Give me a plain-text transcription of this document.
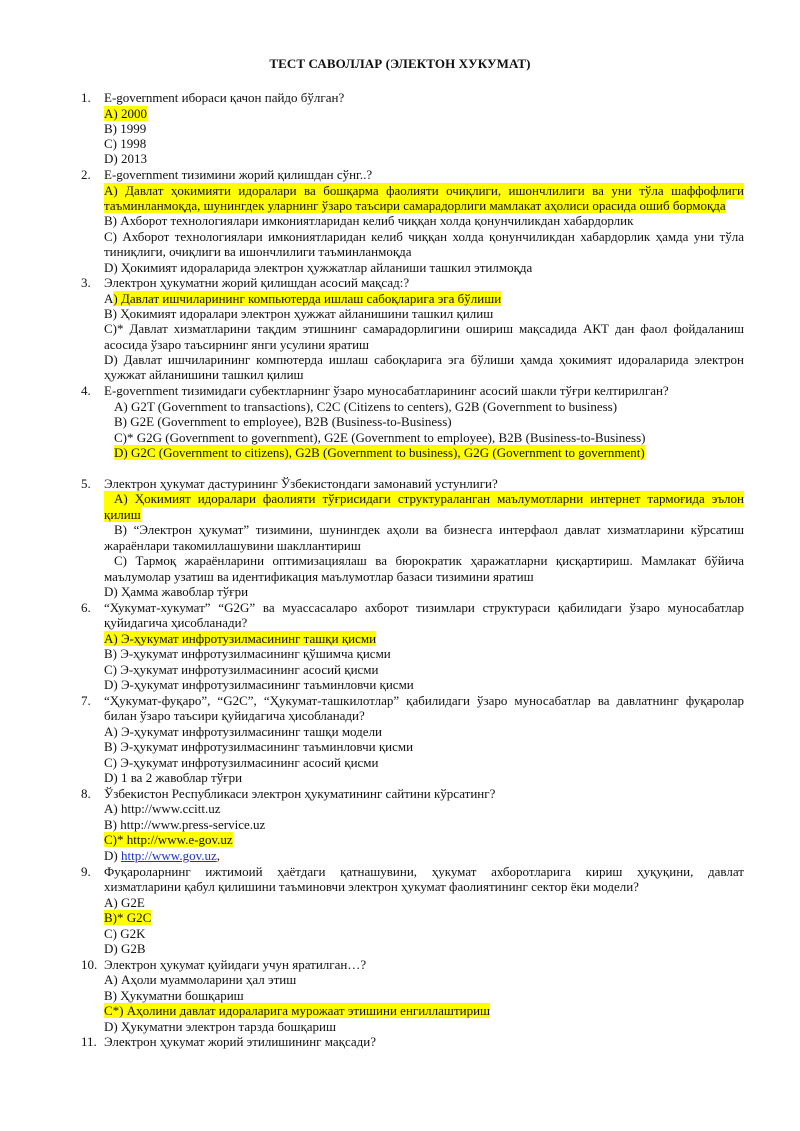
ТЕСТ САВОЛЛАР (ЭЛЕКТОН ХУКУМАТ)
1. E-government ибораси қачон пайдо бўлган?
A) 2000
B) 1999
C) 1998
D) 2013
2. E-government тизимини жорий қилишдан сўнг..?
A) Давлат ҳокимияти идоралари ва бошқарма фаолияти очиқлиги, ишончлилиги ва уни тўла шаффофлиги
таъминланмоқда, шунингдек уларнинг ўзаро таъсири самарадорлиги мамлакат аҳолиси орасида ошиб бормоқда
B) Ахборот технологиялари имкониятларидан келиб чиққан холда қонунчиликдан хабардорлик
C) Ахборот технологиялари имкониятларидан келиб чиққан холда қонунчиликдан хабардорлик ҳамда уни тўла
тиниқлиги, очиқлиги ва ишончлилиги таъминланмоқда
D) Ҳокимият идораларида электрон ҳужжатлар айланиши ташкил этилмоқда
3. Электрон ҳукуматни жорий қилишдан асосий мақсад:?
A) Давлат ишчиларининг компьютерда ишлаш сабоқларига эга бўлиши
B) Ҳокимият идоралари электрон ҳужжат айланишини ташкил қилиш
C)* Давлат хизматларини тақдим этишнинг самарадорлигини ошириш мақсадида АКТ дан фаол фойдаланиш
асосида ўзаро таъсирнинг янги усулини яратиш
D) Давлат ишчиларининг компютерда ишлаш сабоқларига эга бўлиши ҳамда ҳокимият идораларида электрон
ҳужжат айланишини ташкил қилиш
4. E-government тизимидаги субектларнинг ўзаро муносабатларининг асосий шакли тўғри келтирилган?
A) G2T (Government to transactions), C2C (Citizens to centers), G2B (Government to business)
B) G2E (Government to employee), B2B (Business-to-Business)
C)* G2G (Government to government), G2E (Government to employee), B2B (Business-to-Business)
D) G2C (Government to citizens), G2B (Government to business), G2G (Government to government)
5. Электрон ҳукумат дастурининг Ўзбекистондаги замонавий устунлиги?
А) Ҳокимият идоралари фаолияти тўғрисидаги структураланган маълумотларни интернет тармоғида эълон
қилиш
B) “Электрон ҳукумат” тизимини, шунингдек аҳоли ва бизнесга интерфаол давлат хизматларини кўрсатиш
жараёнлари такомиллашувини шакллантириш
C) Тармоқ жараёнларини оптимизациялаш ва бюрократик ҳаражатларни қисқартириш. Мамлакат бўйича
маълумолар узатиш ва идентификация маълумотлар базаси тизимини яратиш
D) Ҳамма жавоблар тўғри
6. “Хукумат-хукумат” “G2G” ва муассасаларо ахборот тизимлари структураси қабилидаги ўзаро муносабатлар
қуйидагича ҳисобланади?
A) Э-ҳукумат инфротузилмасининг ташқи қисми
B) Э-ҳукумат инфротузилмасининг қўшимча қисми
C) Э-ҳукумат инфротузилмасининг асосий қисми
D) Э-ҳукумат инфротузилмасининг таъминловчи қисми
7. “Ҳукумат-фуқаро”, “G2C”, “Ҳукумат-ташкилотлар” қабилидаги ўзаро муносабатлар ва давлатнинг фуқаролар
билан ўзаро таъсири қуйидагича ҳисобланади?
A) Э-ҳукумат инфротузилмасининг ташқи модели
B) Э-ҳукумат инфротузилмасининг таъминловчи қисми
C) Э-ҳукумат инфротузилмасининг асосий қисми
D) 1 ва 2 жавоблар тўғри
8. Ўзбекистон Республикаси электрон ҳукуматининг сайтини кўрсатинг?
A) http://www.ccitt.uz
B) http://www.press-service.uz
C)* http://www.e-gov.uz
D) http://www.gov.uz,
9. Фуқароларнинг ижтимоий ҳаётдаги қатнашувини, ҳукумат ахборотларига кириш ҳуқуқини, давлат
хизматларини қабул қилишини таъминовчи электрон ҳукумат фаолиятининг сектор ёки модели?
A) G2E
B)* G2C
C) G2K
D) G2B
10. Электрон ҳукумат қуйидаги учун яратилган…?
A) Аҳоли муаммоларини ҳал этиш
B) Ҳукуматни бошқариш
C*) Аҳолини давлат идораларига мурожаат этишини енгиллаштириш
D) Ҳукуматни электрон тарзда бошқариш
11. Электрон ҳукумат жорий этилишининг мақсади?
